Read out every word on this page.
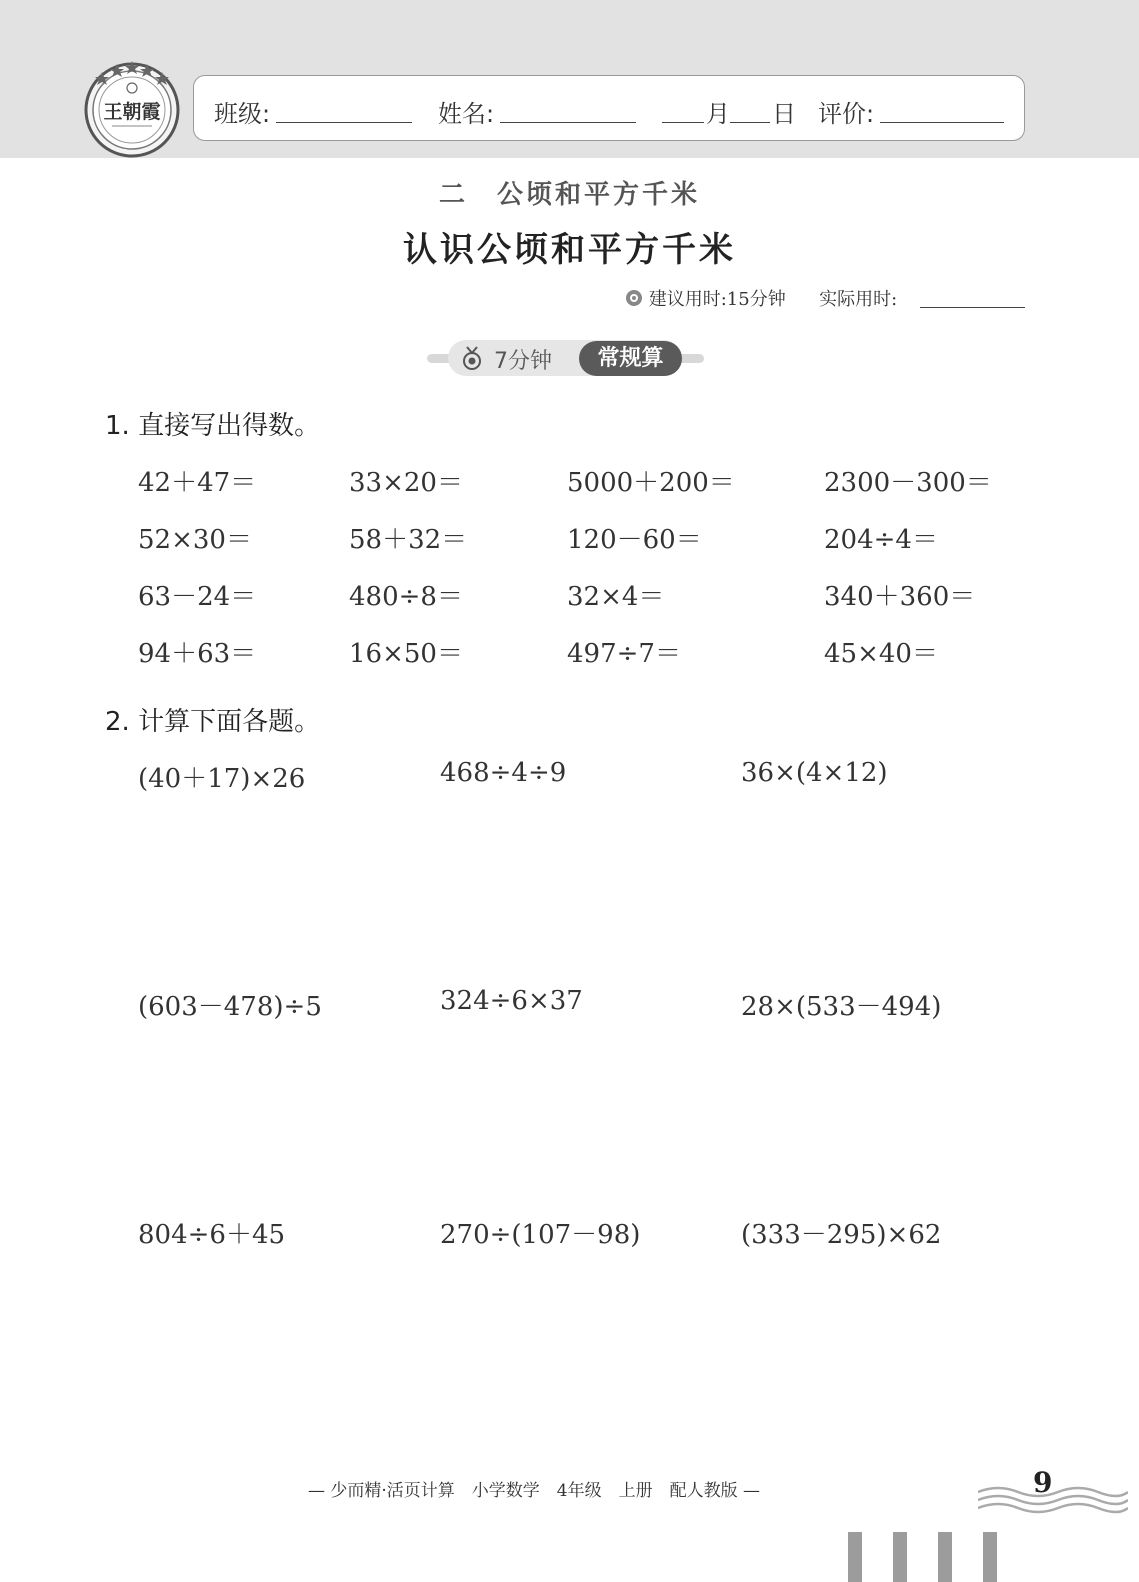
王朝霞 班级:	姓名:	月 日 评价:
二　公顷和平方千米
认识公顷和平方千米
建议用时:15分钟 实际用时:
7分钟	常规算
1. 直接写出得数。
42＋47＝	33×20＝	5000＋200＝	2300－300＝
52×30＝	58＋32＝	120－60＝	204÷4＝
63－24＝	480÷8＝	32×4＝	340＋360＝
94＋63＝	16×50＝	497÷7＝	45×40＝
2. 计算下面各题。
(40＋17)×26	468÷4÷9	36×(4×12)
(603－478)÷5	324÷6×37	28×(533－494)
804÷6＋45	270÷(107－98)	(333－295)×62
— 少而精·活页计算　小学数学　4年级　上册　配人教版 —	9
